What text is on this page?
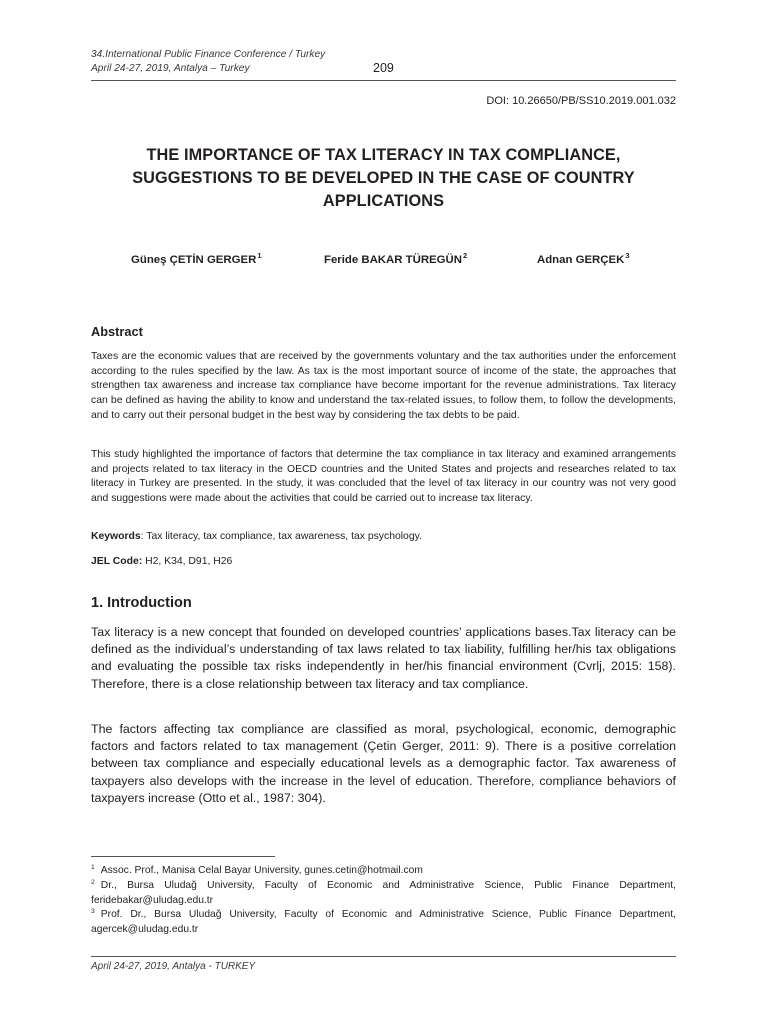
34.International Public Finance Conference / Turkey
April 24-27, 2019, Antalya – Turkey	209
DOI: 10.26650/PB/SS10.2019.001.032
THE IMPORTANCE OF TAX LITERACY IN TAX COMPLIANCE, SUGGESTIONS TO BE DEVELOPED IN THE CASE OF COUNTRY APPLICATIONS
Güneş ÇETİN GERGER$^1$	Feride BAKAR TÜREGÜN$^2$	Adnan GERÇEK$^3$
Abstract

Taxes are the economic values that are received by the governments voluntary and the tax authorities under the enforcement according to the rules specified by the law. As tax is the most important source of income of the state, the approaches that strengthen tax awareness and increase tax compliance have become important for the revenue administrations. Tax literacy can be defined as having the ability to know and understand the tax-related issues, to follow them, to follow the developments, and to carry out their personal budget in the best way by considering the tax debts to be paid.

This study highlighted the importance of factors that determine the tax compliance in tax literacy and examined arrangements and projects related to tax literacy in the OECD countries and the United States and projects and researches related to tax literacy in Turkey are presented. In the study, it was concluded that the level of tax literacy in our country was not very good and suggestions were made about the activities that could be carried out to increase tax literacy.

Keywords: Tax literacy, tax compliance, tax awareness, tax psychology.
JEL Code: H2, K34, D91, H26
1. Introduction

Tax literacy is a new concept that founded on developed countries’ applications bases.Tax literacy can be defined as the individual’s understanding of tax laws related to tax liability, fulfilling her/his tax obligations and evaluating the possible tax risks independently in her/his financial environment (Cvrlj, 2015: 158). Therefore, there is a close relationship between tax literacy and tax compliance.

The factors affecting tax compliance are classified as moral, psychological, economic, demographic factors and factors related to tax management (Çetin Gerger, 2011: 9). There is a positive correlation between tax compliance and especially educational levels as a demographic factor. Tax awareness of taxpayers also develops with the increase in the level of education. Therefore, compliance behaviors of taxpayers increase (Otto et al., 1987: 304).

$^1$ Assoc. Prof., Manisa Celal Bayar University, gunes.cetin@hotmail.com
$^2$ Dr., Bursa Uludağ University, Faculty of Economic and Administrative Science, Public Finance Department, feridebakar@uludag.edu.tr
$^3$ Prof. Dr., Bursa Uludağ University, Faculty of Economic and Administrative Science, Public Finance Department, agercek@uludag.edu.tr
April 24-27, 2019, Antalya - TURKEY
